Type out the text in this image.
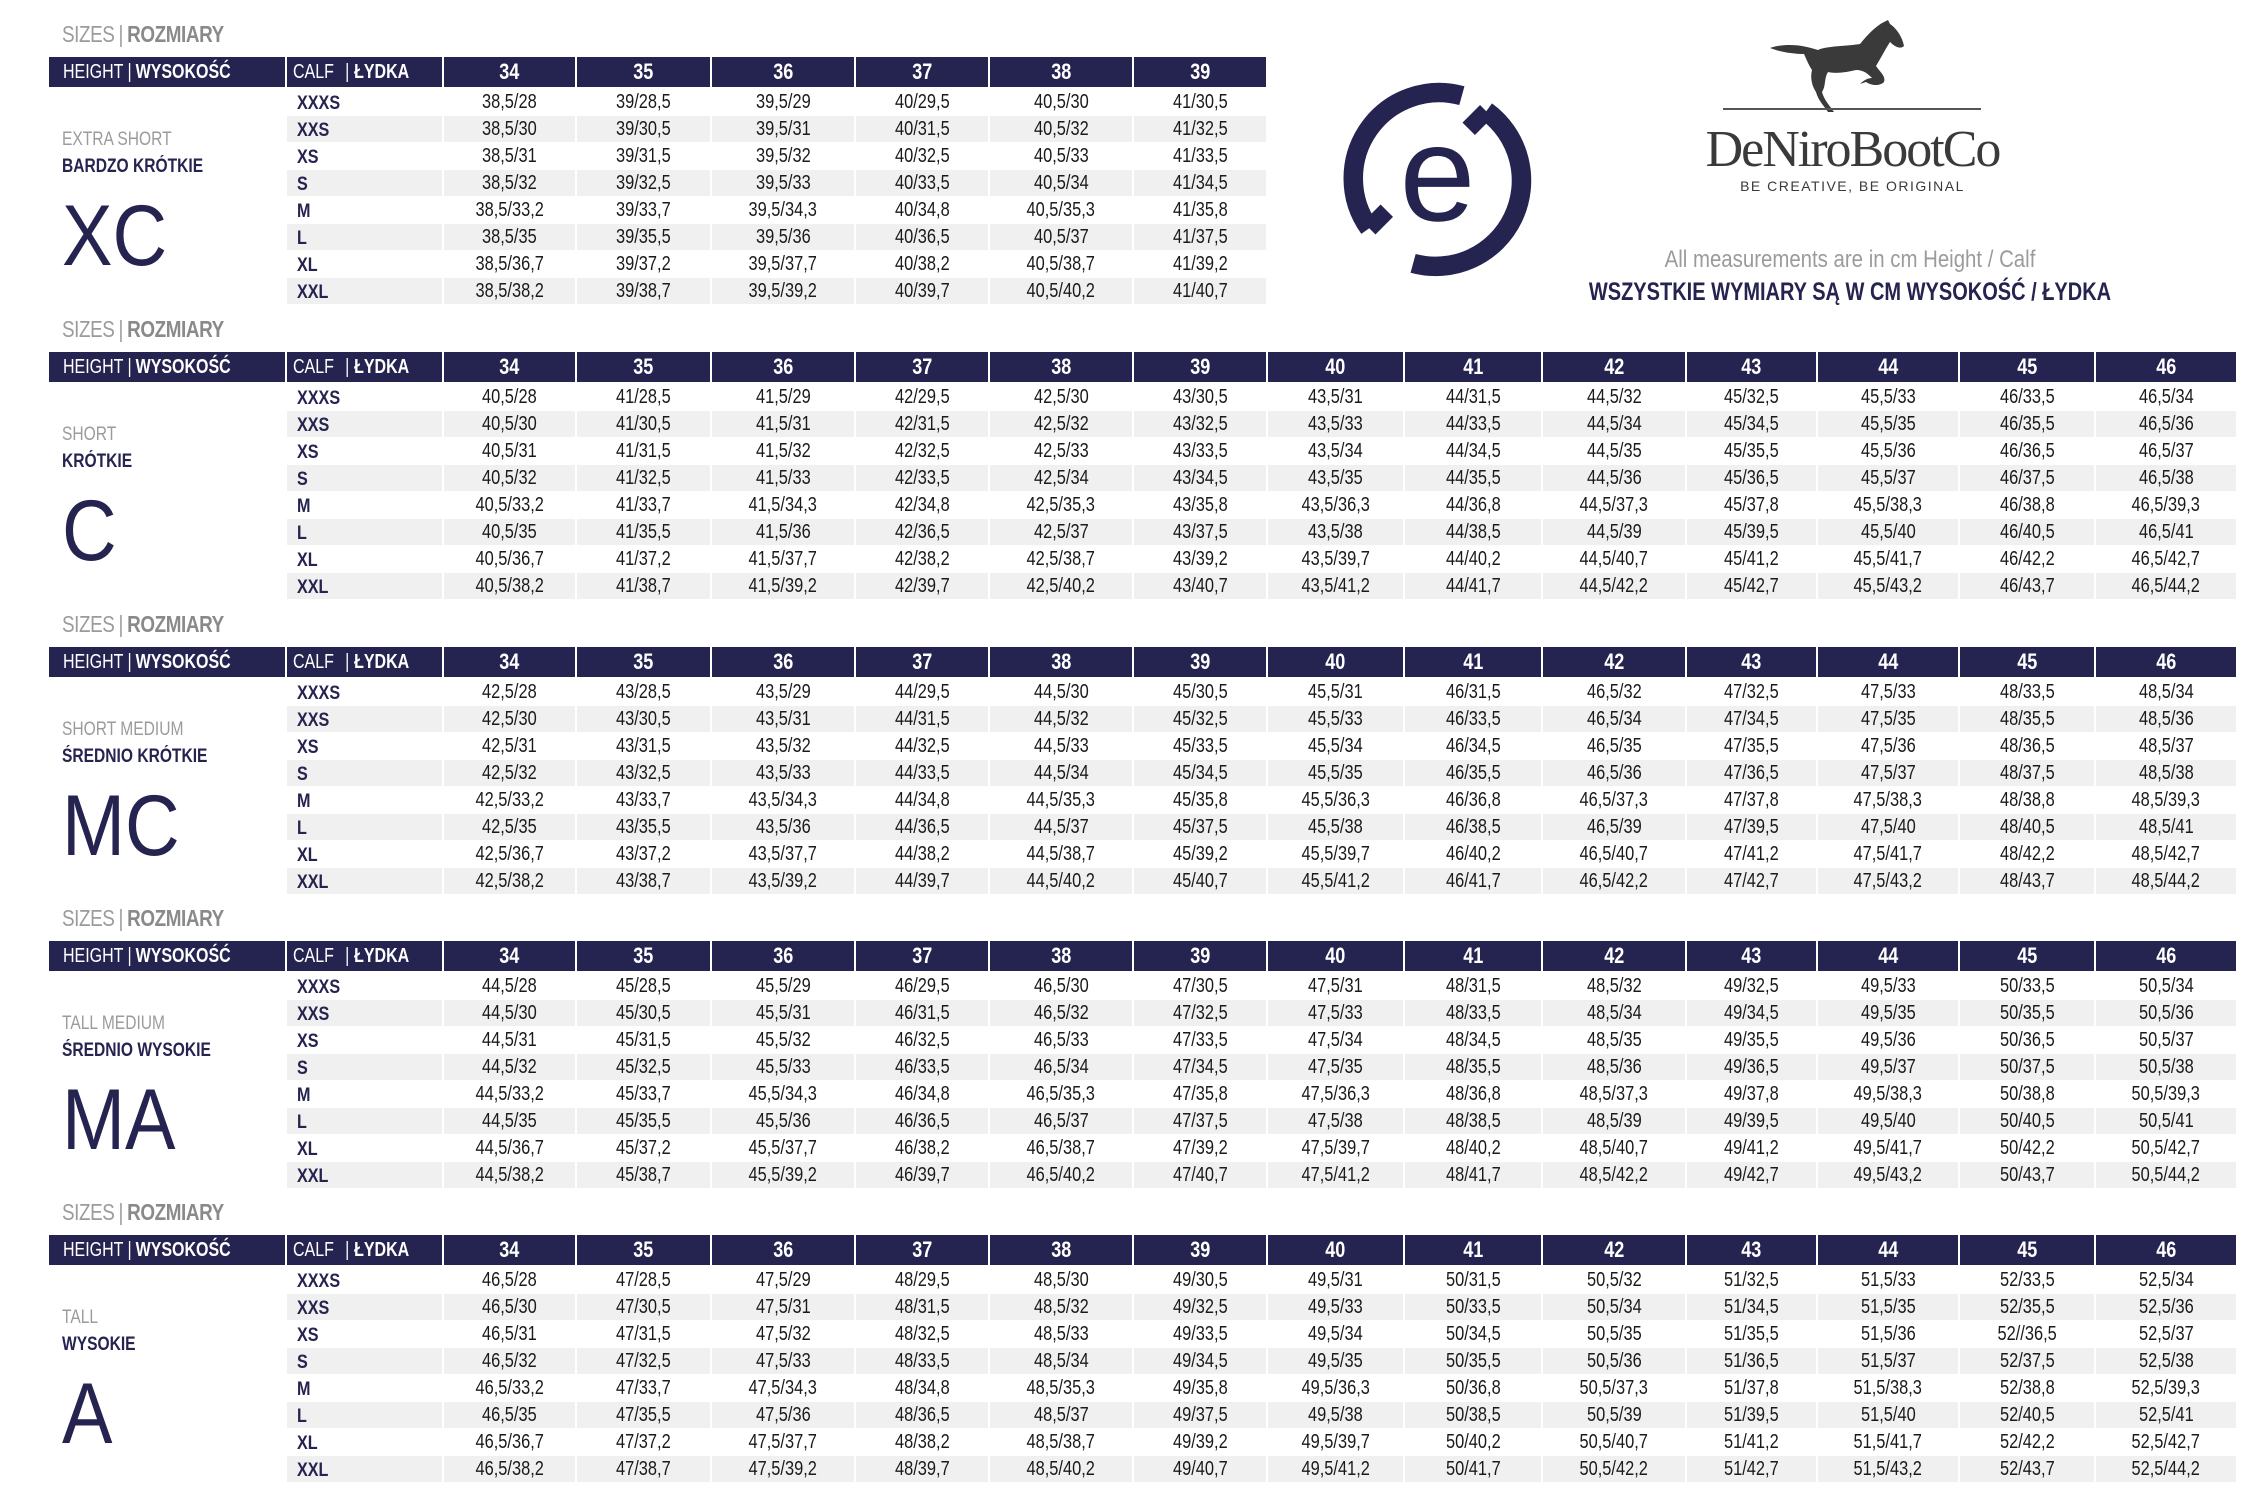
e	DeNiroBootCo
BE CREATIVE, BE ORIGINAL
All measurements are in cm Height / Calf
WSZYSTKIE WYMIARY SĄ W CM WYSOKOŚĆ / ŁYDKA
SIZES | ROZMIARY
HEIGHT | WYSOKOŚĆ	CALF | ŁYDKA	34	35	36	37	38	39
EXTRA SHORT
BARDZO KRÓTKIE
XC
XXXS	38,5/28	39/28,5	39,5/29	40/29,5	40,5/30	41/30,5
XXS	38,5/30	39/30,5	39,5/31	40/31,5	40,5/32	41/32,5
XS	38,5/31	39/31,5	39,5/32	40/32,5	40,5/33	41/33,5
S	38,5/32	39/32,5	39,5/33	40/33,5	40,5/34	41/34,5
M	38,5/33,2	39/33,7	39,5/34,3	40/34,8	40,5/35,3	41/35,8
L	38,5/35	39/35,5	39,5/36	40/36,5	40,5/37	41/37,5
XL	38,5/36,7	39/37,2	39,5/37,7	40/38,2	40,5/38,7	41/39,2
XXL	38,5/38,2	39/38,7	39,5/39,2	40/39,7	40,5/40,2	41/40,7
SIZES | ROZMIARY
HEIGHT | WYSOKOŚĆ	CALF | ŁYDKA	34	35	36	37	38	39	40	41	42	43	44	45	46
SHORT
KRÓTKIE
C
XXXS	40,5/28	41/28,5	41,5/29	42/29,5	42,5/30	43/30,5	43,5/31	44/31,5	44,5/32	45/32,5	45,5/33	46/33,5	46,5/34
XXS	40,5/30	41/30,5	41,5/31	42/31,5	42,5/32	43/32,5	43,5/33	44/33,5	44,5/34	45/34,5	45,5/35	46/35,5	46,5/36
XS	40,5/31	41/31,5	41,5/32	42/32,5	42,5/33	43/33,5	43,5/34	44/34,5	44,5/35	45/35,5	45,5/36	46/36,5	46,5/37
S	40,5/32	41/32,5	41,5/33	42/33,5	42,5/34	43/34,5	43,5/35	44/35,5	44,5/36	45/36,5	45,5/37	46/37,5	46,5/38
M	40,5/33,2	41/33,7	41,5/34,3	42/34,8	42,5/35,3	43/35,8	43,5/36,3	44/36,8	44,5/37,3	45/37,8	45,5/38,3	46/38,8	46,5/39,3
L	40,5/35	41/35,5	41,5/36	42/36,5	42,5/37	43/37,5	43,5/38	44/38,5	44,5/39	45/39,5	45,5/40	46/40,5	46,5/41
XL	40,5/36,7	41/37,2	41,5/37,7	42/38,2	42,5/38,7	43/39,2	43,5/39,7	44/40,2	44,5/40,7	45/41,2	45,5/41,7	46/42,2	46,5/42,7
XXL	40,5/38,2	41/38,7	41,5/39,2	42/39,7	42,5/40,2	43/40,7	43,5/41,2	44/41,7	44,5/42,2	45/42,7	45,5/43,2	46/43,7	46,5/44,2
SIZES | ROZMIARY
HEIGHT | WYSOKOŚĆ	CALF | ŁYDKA	34	35	36	37	38	39	40	41	42	43	44	45	46
SHORT MEDIUM
ŚREDNIO KRÓTKIE
MC
XXXS	42,5/28	43/28,5	43,5/29	44/29,5	44,5/30	45/30,5	45,5/31	46/31,5	46,5/32	47/32,5	47,5/33	48/33,5	48,5/34
XXS	42,5/30	43/30,5	43,5/31	44/31,5	44,5/32	45/32,5	45,5/33	46/33,5	46,5/34	47/34,5	47,5/35	48/35,5	48,5/36
XS	42,5/31	43/31,5	43,5/32	44/32,5	44,5/33	45/33,5	45,5/34	46/34,5	46,5/35	47/35,5	47,5/36	48/36,5	48,5/37
S	42,5/32	43/32,5	43,5/33	44/33,5	44,5/34	45/34,5	45,5/35	46/35,5	46,5/36	47/36,5	47,5/37	48/37,5	48,5/38
M	42,5/33,2	43/33,7	43,5/34,3	44/34,8	44,5/35,3	45/35,8	45,5/36,3	46/36,8	46,5/37,3	47/37,8	47,5/38,3	48/38,8	48,5/39,3
L	42,5/35	43/35,5	43,5/36	44/36,5	44,5/37	45/37,5	45,5/38	46/38,5	46,5/39	47/39,5	47,5/40	48/40,5	48,5/41
XL	42,5/36,7	43/37,2	43,5/37,7	44/38,2	44,5/38,7	45/39,2	45,5/39,7	46/40,2	46,5/40,7	47/41,2	47,5/41,7	48/42,2	48,5/42,7
XXL	42,5/38,2	43/38,7	43,5/39,2	44/39,7	44,5/40,2	45/40,7	45,5/41,2	46/41,7	46,5/42,2	47/42,7	47,5/43,2	48/43,7	48,5/44,2
SIZES | ROZMIARY
HEIGHT | WYSOKOŚĆ	CALF | ŁYDKA	34	35	36	37	38	39	40	41	42	43	44	45	46
TALL MEDIUM
ŚREDNIO WYSOKIE
MA
XXXS	44,5/28	45/28,5	45,5/29	46/29,5	46,5/30	47/30,5	47,5/31	48/31,5	48,5/32	49/32,5	49,5/33	50/33,5	50,5/34
XXS	44,5/30	45/30,5	45,5/31	46/31,5	46,5/32	47/32,5	47,5/33	48/33,5	48,5/34	49/34,5	49,5/35	50/35,5	50,5/36
XS	44,5/31	45/31,5	45,5/32	46/32,5	46,5/33	47/33,5	47,5/34	48/34,5	48,5/35	49/35,5	49,5/36	50/36,5	50,5/37
S	44,5/32	45/32,5	45,5/33	46/33,5	46,5/34	47/34,5	47,5/35	48/35,5	48,5/36	49/36,5	49,5/37	50/37,5	50,5/38
M	44,5/33,2	45/33,7	45,5/34,3	46/34,8	46,5/35,3	47/35,8	47,5/36,3	48/36,8	48,5/37,3	49/37,8	49,5/38,3	50/38,8	50,5/39,3
L	44,5/35	45/35,5	45,5/36	46/36,5	46,5/37	47/37,5	47,5/38	48/38,5	48,5/39	49/39,5	49,5/40	50/40,5	50,5/41
XL	44,5/36,7	45/37,2	45,5/37,7	46/38,2	46,5/38,7	47/39,2	47,5/39,7	48/40,2	48,5/40,7	49/41,2	49,5/41,7	50/42,2	50,5/42,7
XXL	44,5/38,2	45/38,7	45,5/39,2	46/39,7	46,5/40,2	47/40,7	47,5/41,2	48/41,7	48,5/42,2	49/42,7	49,5/43,2	50/43,7	50,5/44,2
SIZES | ROZMIARY
HEIGHT | WYSOKOŚĆ	CALF | ŁYDKA	34	35	36	37	38	39	40	41	42	43	44	45	46
TALL
WYSOKIE
A
XXXS	46,5/28	47/28,5	47,5/29	48/29,5	48,5/30	49/30,5	49,5/31	50/31,5	50,5/32	51/32,5	51,5/33	52/33,5	52,5/34
XXS	46,5/30	47/30,5	47,5/31	48/31,5	48,5/32	49/32,5	49,5/33	50/33,5	50,5/34	51/34,5	51,5/35	52/35,5	52,5/36
XS	46,5/31	47/31,5	47,5/32	48/32,5	48,5/33	49/33,5	49,5/34	50/34,5	50,5/35	51/35,5	51,5/36	52//36,5	52,5/37
S	46,5/32	47/32,5	47,5/33	48/33,5	48,5/34	49/34,5	49,5/35	50/35,5	50,5/36	51/36,5	51,5/37	52/37,5	52,5/38
M	46,5/33,2	47/33,7	47,5/34,3	48/34,8	48,5/35,3	49/35,8	49,5/36,3	50/36,8	50,5/37,3	51/37,8	51,5/38,3	52/38,8	52,5/39,3
L	46,5/35	47/35,5	47,5/36	48/36,5	48,5/37	49/37,5	49,5/38	50/38,5	50,5/39	51/39,5	51,5/40	52/40,5	52,5/41
XL	46,5/36,7	47/37,2	47,5/37,7	48/38,2	48,5/38,7	49/39,2	49,5/39,7	50/40,2	50,5/40,7	51/41,2	51,5/41,7	52/42,2	52,5/42,7
XXL	46,5/38,2	47/38,7	47,5/39,2	48/39,7	48,5/40,2	49/40,7	49,5/41,2	50/41,7	50,5/42,2	51/42,7	51,5/43,2	52/43,7	52,5/44,2
